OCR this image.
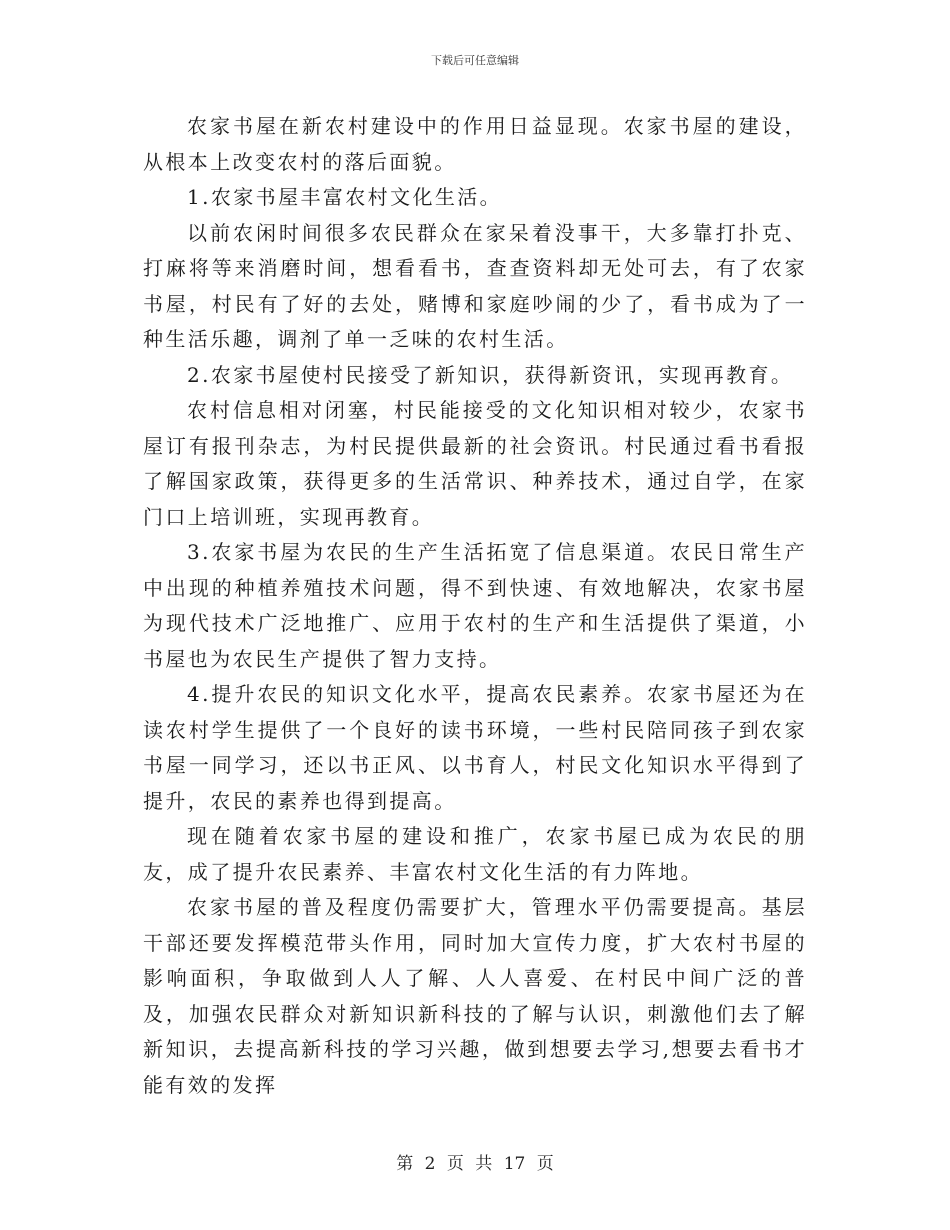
下载后可任意编辑

农家书屋在新农村建设中的作用日益显现。农家书屋的建设，从根本上改变农村的落后面貌。

1.农家书屋丰富农村文化生活。

以前农闲时间很多农民群众在家呆着没事干，大多靠打扑克、打麻将等来消磨时间，想看看书，查查资料却无处可去，有了农家书屋，村民有了好的去处，赌博和家庭吵闹的少了，看书成为了一种生活乐趣，调剂了单一乏味的农村生活。

2.农家书屋使村民接受了新知识，获得新资讯，实现再教育。

农村信息相对闭塞，村民能接受的文化知识相对较少，农家书屋订有报刊杂志，为村民提供最新的社会资讯。村民通过看书看报了解国家政策，获得更多的生活常识、种养技术，通过自学，在家门口上培训班，实现再教育。

3.农家书屋为农民的生产生活拓宽了信息渠道。农民日常生产中出现的种植养殖技术问题，得不到快速、有效地解决，农家书屋为现代技术广泛地推广、应用于农村的生产和生活提供了渠道，小书屋也为农民生产提供了智力支持。

4.提升农民的知识文化水平，提高农民素养。农家书屋还为在读农村学生提供了一个良好的读书环境，一些村民陪同孩子到农家书屋一同学习，还以书正风、以书育人，村民文化知识水平得到了提升，农民的素养也得到提高。

现在随着农家书屋的建设和推广，农家书屋已成为农民的朋友，成了提升农民素养、丰富农村文化生活的有力阵地。

农家书屋的普及程度仍需要扩大，管理水平仍需要提高。基层干部还要发挥模范带头作用，同时加大宣传力度，扩大农村书屋的影响面积，争取做到人人了解、人人喜爱、在村民中间广泛的普及，加强农民群众对新知识新科技的了解与认识，刺激他们去了解新知识，去提高新科技的学习兴趣，做到想要去学习,想要去看书才能有效的发挥

第 2 页 共 17 页
